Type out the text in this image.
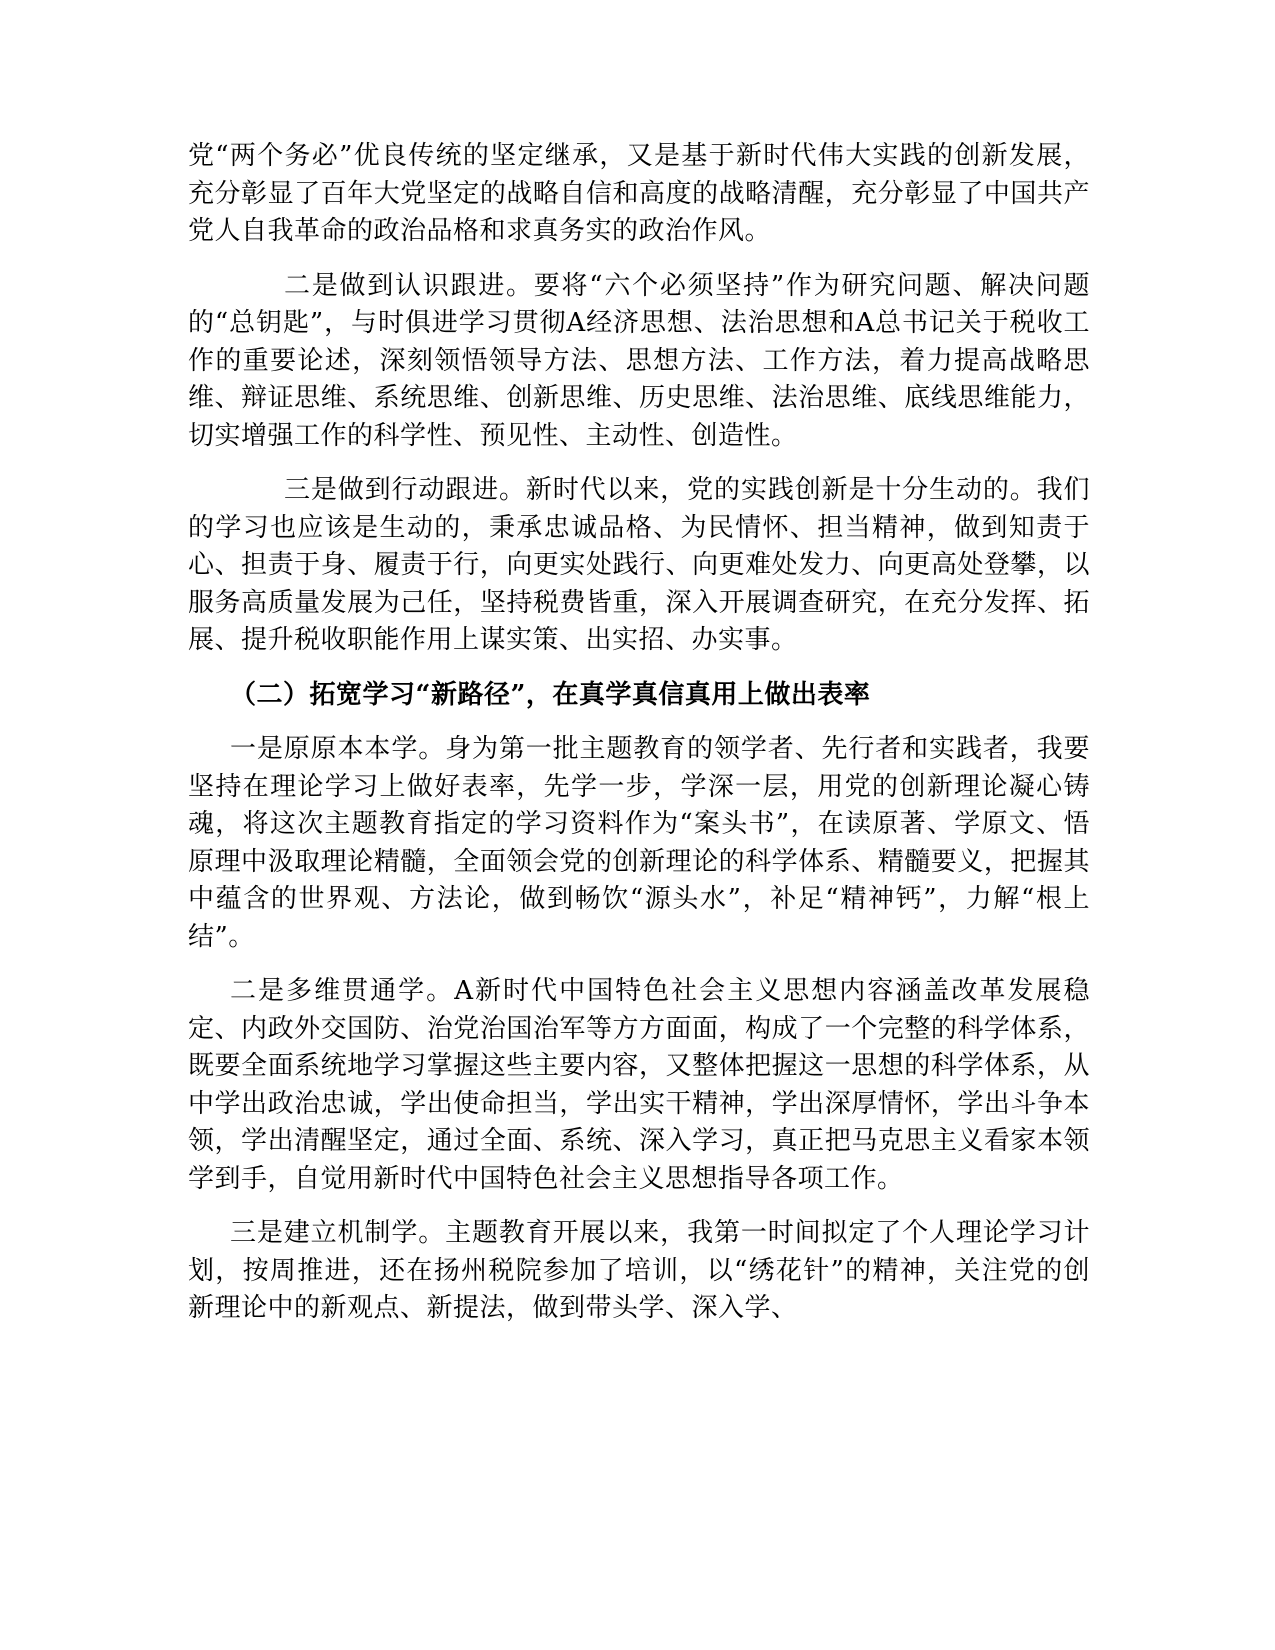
党“两个务必”优良传统的坚定继承，又是基于新时代伟大实践的创新发展，充分彰显了百年大党坚定的战略自信和高度的战略清醒，充分彰显了中国共产党人自我革命的政治品格和求真务实的政治作风。

二是做到认识跟进。要将“六个必须坚持”作为研究问题、解决问题的“总钥匙”，与时俱进学习贯彻A经济思想、法治思想和A总书记关于税收工作的重要论述，深刻领悟领导方法、思想方法、工作方法，着力提高战略思维、辩证思维、系统思维、创新思维、历史思维、法治思维、底线思维能力，切实增强工作的科学性、预见性、主动性、创造性。

三是做到行动跟进。新时代以来，党的实践创新是十分生动的。我们的学习也应该是生动的，秉承忠诚品格、为民情怀、担当精神，做到知责于心、担责于身、履责于行，向更实处践行、向更难处发力、向更高处登攀，以服务高质量发展为己任，坚持税费皆重，深入开展调查研究，在充分发挥、拓展、提升税收职能作用上谋实策、出实招、办实事。

（二）拓宽学习“新路径”，在真学真信真用上做出表率

一是原原本本学。身为第一批主题教育的领学者、先行者和实践者，我要坚持在理论学习上做好表率，先学一步，学深一层，用党的创新理论凝心铸魂，将这次主题教育指定的学习资料作为“案头书”，在读原著、学原文、悟原理中汲取理论精髓，全面领会党的创新理论的科学体系、精髓要义，把握其中蕴含的世界观、方法论，做到畅饮“源头水”，补足“精神钙”，力解“根上结”。

二是多维贯通学。A新时代中国特色社会主义思想内容涵盖改革发展稳定、内政外交国防、治党治国治军等方方面面，构成了一个完整的科学体系，既要全面系统地学习掌握这些主要内容，又整体把握这一思想的科学体系，从中学出政治忠诚，学出使命担当，学出实干精神，学出深厚情怀，学出斗争本领，学出清醒坚定，通过全面、系统、深入学习，真正把马克思主义看家本领学到手，自觉用新时代中国特色社会主义思想指导各项工作。

三是建立机制学。主题教育开展以来，我第一时间拟定了个人理论学习计划，按周推进，还在扬州税院参加了培训，以“绣花针”的精神，关注党的创新理论中的新观点、新提法，做到带头学、深入学、
